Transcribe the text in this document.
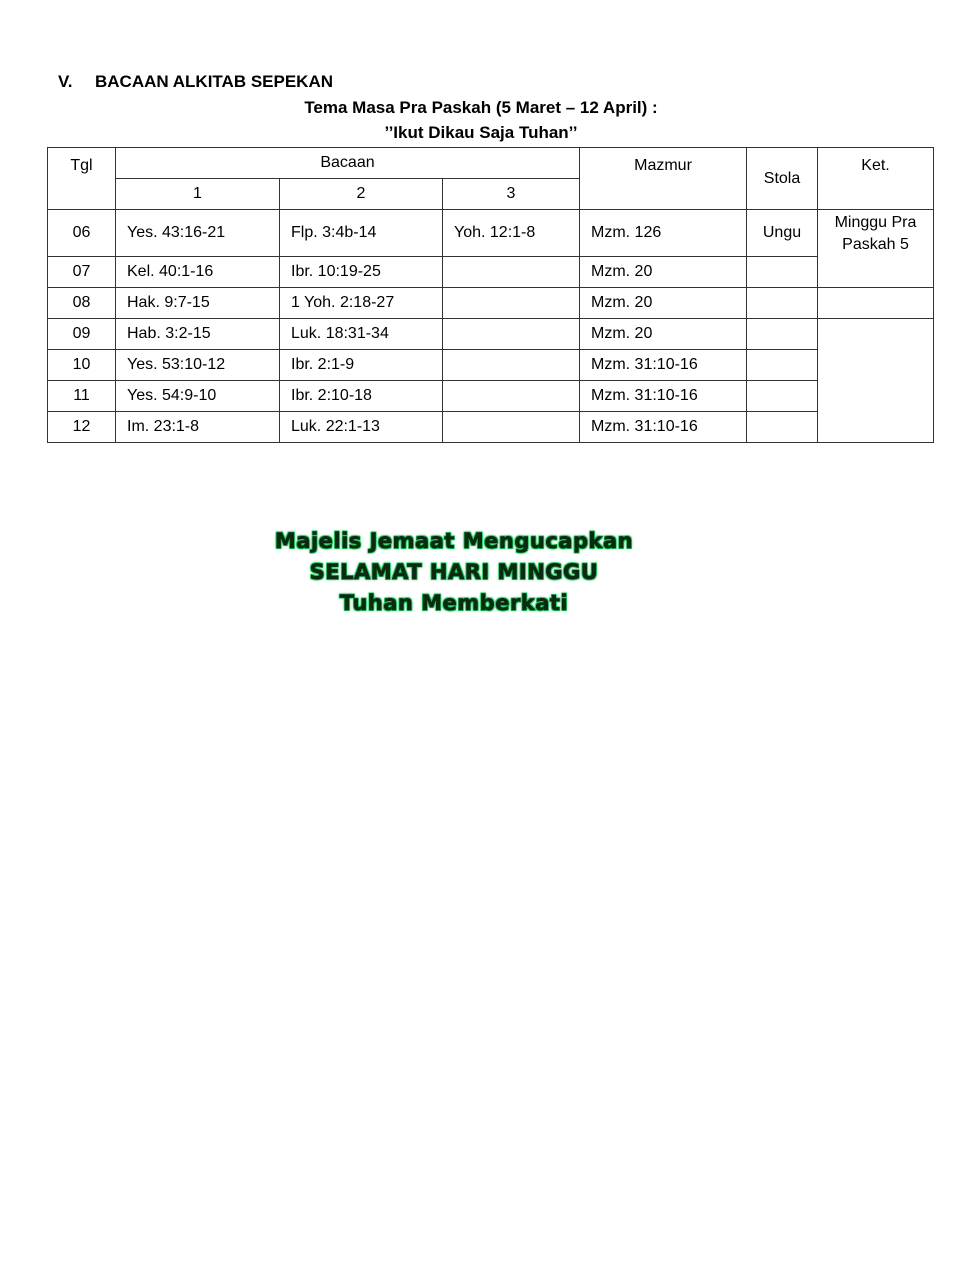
V.	BACAAN ALKITAB SEPEKAN
Tema Masa Pra Paskah (5 Maret – 12 April) :
’’Ikut Dikau Saja Tuhan’’
Tgl	Bacaan			Mazmur	Stola	Ket.
	1	2	3			
06	Yes. 43:16-21	Flp. 3:4b-14	Yoh. 12:1-8	Mzm. 126	Ungu	Minggu Pra Paskah 5
07	Kel. 40:1-16	Ibr. 10:19-25		Mzm. 20		
08	Hak. 9:7-15	1 Yoh. 2:18-27		Mzm. 20		
09	Hab. 3:2-15	Luk. 18:31-34		Mzm. 20		
10	Yes. 53:10-12	Ibr. 2:1-9		Mzm. 31:10-16		
11	Yes. 54:9-10	Ibr. 2:10-18		Mzm. 31:10-16		
12	Im. 23:1-8	Luk. 22:1-13		Mzm. 31:10-16		
Majelis Jemaat Mengucapkan
SELAMAT HARI MINGGU
Tuhan Memberkati
